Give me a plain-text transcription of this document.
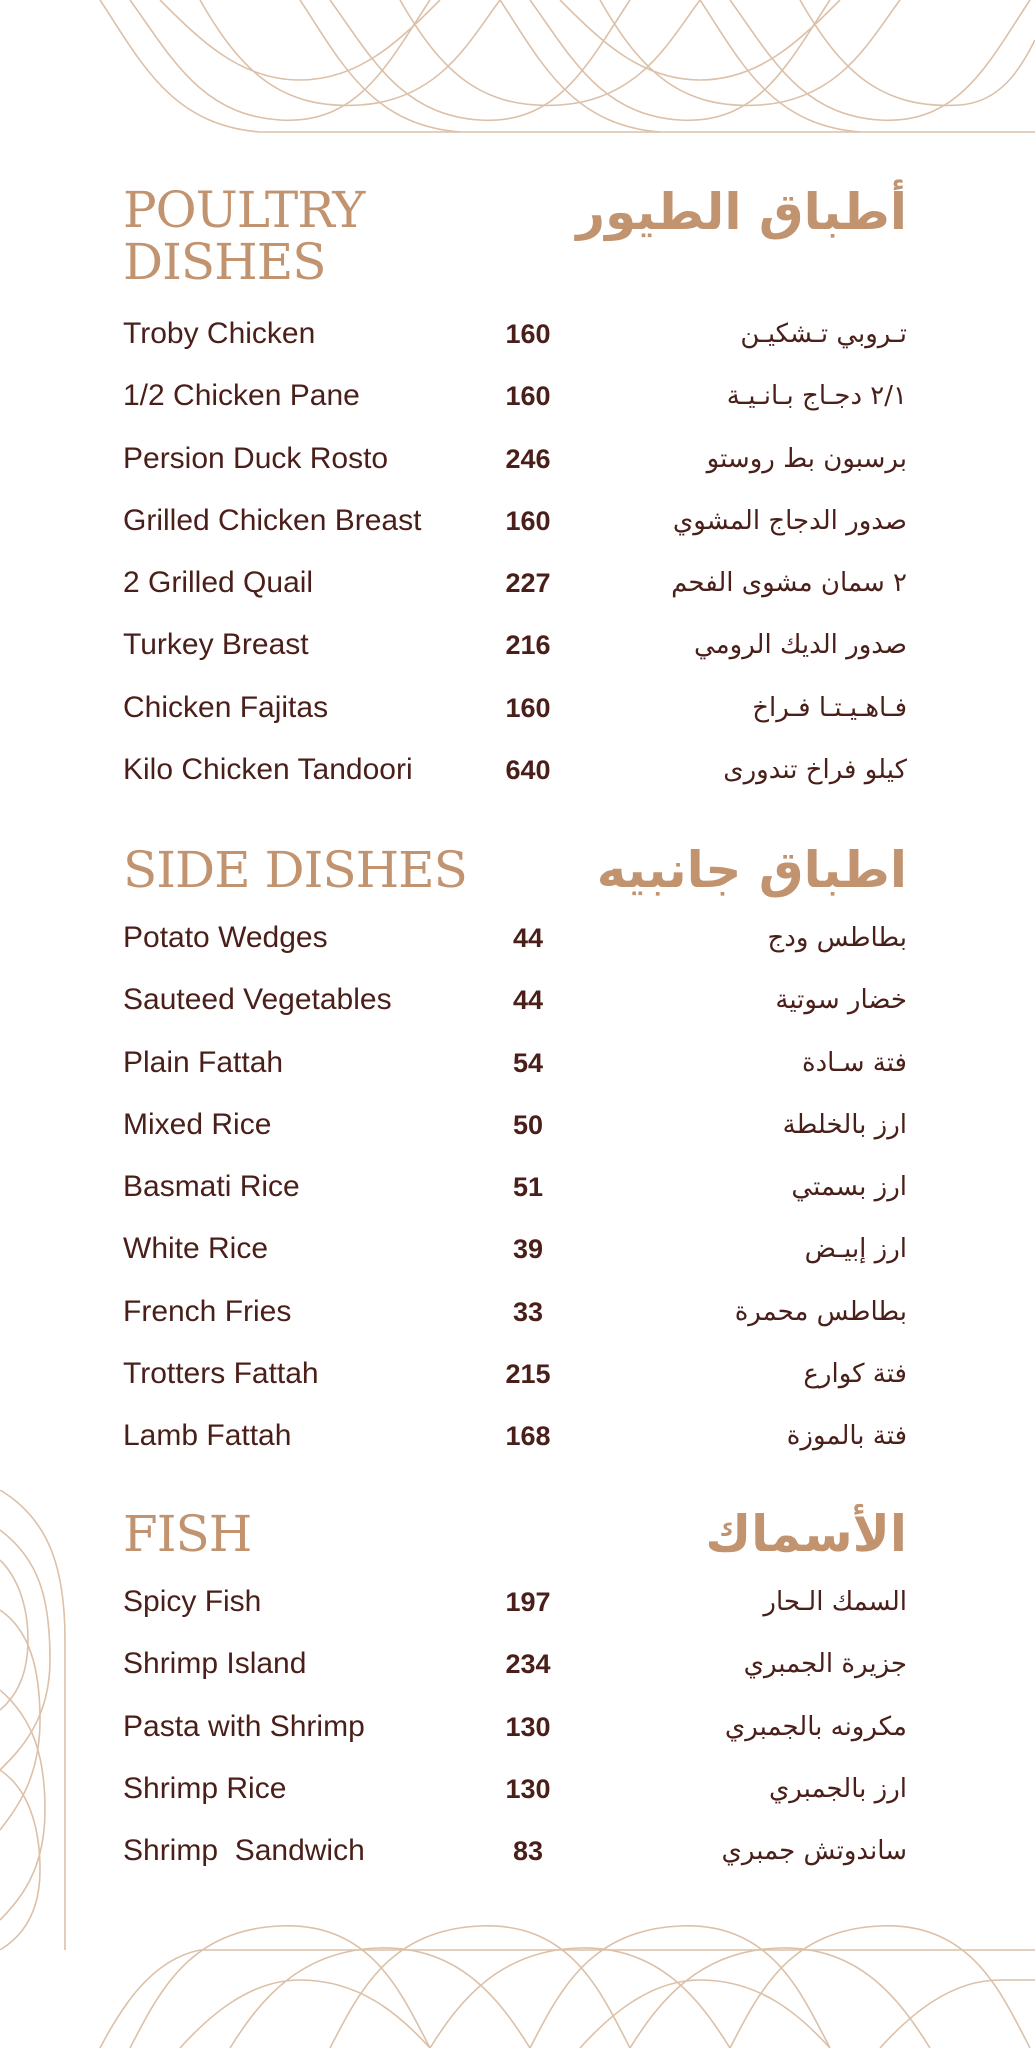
POULTRY
DISHES
أطباق الطيور
Troby Chicken	160	تـروبي تـشكيـن
1/2 Chicken Pane	160	٢/١ دجـاج بـانـيـة
Persion Duck Rosto	246	برسبون بط روستو
Grilled Chicken Breast	160	صدور الدجاج المشوي
2 Grilled Quail	227	٢ سمان مشوى الفحم
Turkey Breast	216	صدور الديك الرومي
Chicken Fajitas	160	فـاهـيـتـا فـراخ
Kilo Chicken Tandoori	640	كيلو فراخ تندورى
SIDE DISHES	اطباق جانبيه
Potato Wedges	44	بطاطس ودج
Sauteed Vegetables	44	خضار سوتية
Plain Fattah	54	فتة سـادة
Mixed Rice	50	ارز بالخلطة
Basmati Rice	51	ارز بسمتي
White Rice	39	ارز إبيـض
French Fries	33	بطاطس محمرة
Trotters Fattah	215	فتة كوارع
Lamb Fattah	168	فتة بالموزة
FISH	الأسماك
Spicy Fish	197	السمك الـحار
Shrimp Island	234	جزيرة الجمبري
Pasta with Shrimp	130	مكرونه بالجمبري
Shrimp Rice	130	ارز بالجمبري
Shrimp  Sandwich	83	ساندوتش جمبري
